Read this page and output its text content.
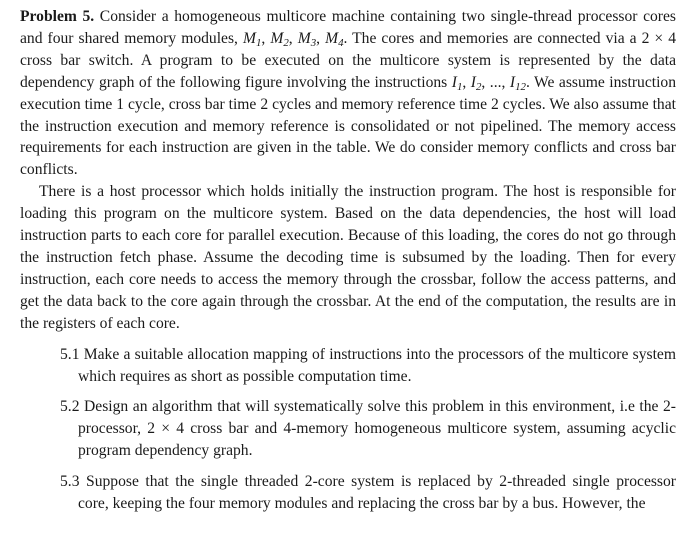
Problem 5. Consider a homogeneous multicore machine containing two single-thread processor cores and four shared memory modules, $M_1$, $M_2$, $M_3$, $M_4$. The cores and memories are connected via a 2 × 4 cross bar switch. A program to be executed on the multicore system is represented by the data dependency graph of the following figure involving the instructions $I_1$, $I_2$, ..., $I_{12}$. We assume instruction execution time 1 cycle, cross bar time 2 cycles and memory reference time 2 cycles. We also assume that the instruction execution and memory reference is consolidated or not pipelined. The memory access requirements for each instruction are given in the table. We do consider memory conflicts and cross bar conflicts.

There is a host processor which holds initially the instruction program. The host is responsible for loading this program on the multicore system. Based on the data dependencies, the host will load instruction parts to each core for parallel execution. Because of this loading, the cores do not go through the instruction fetch phase. Assume the decoding time is subsumed by the loading. Then for every instruction, each core needs to access the memory through the crossbar, follow the access patterns, and get the data back to the core again through the crossbar. At the end of the computation, the results are in the registers of each core.

5.1 Make a suitable allocation mapping of instructions into the processors of the multicore system which requires as short as possible computation time.

5.2 Design an algorithm that will systematically solve this problem in this environment, i.e the 2-processor, 2 × 4 cross bar and 4-memory homogeneous multicore system, assuming acyclic program dependency graph.

5.3 Suppose that the single threaded 2-core system is replaced by 2-threaded single processor core, keeping the four memory modules and replacing the cross bar by a bus. However, the
